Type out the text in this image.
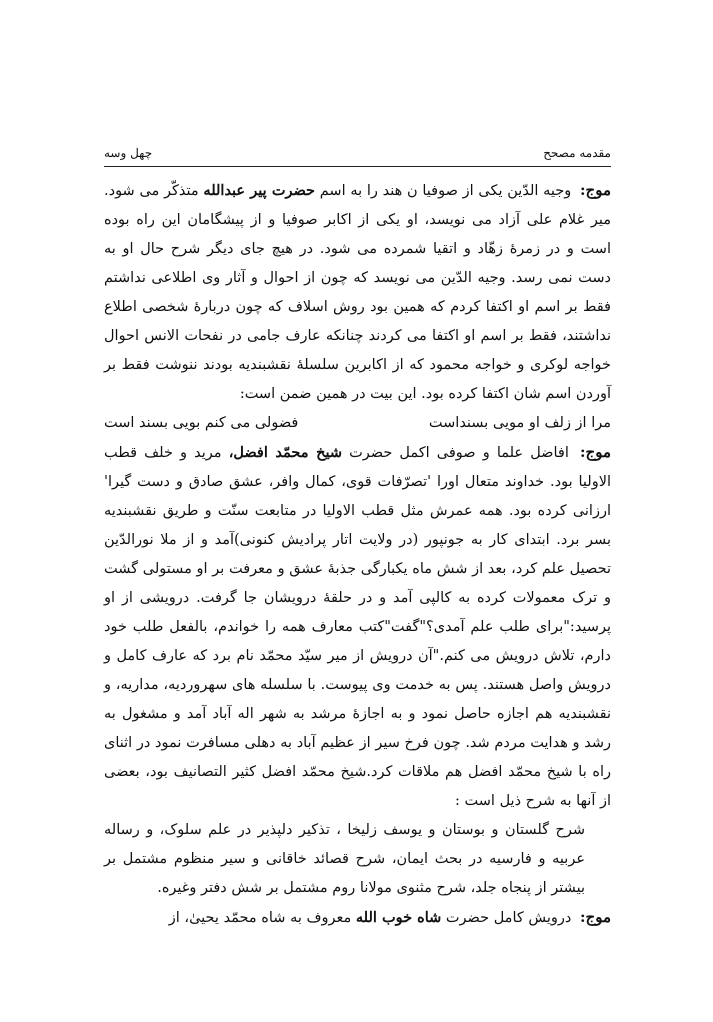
مقدمه مصحح
چهل وسه

موج: وجیه الدّین یکی از صوفیا ن هند را به اسم حضرت پیر عبدالله متذکّر می شود. میر غلام علی آزاد می نویسد، او یکی از اکابر صوفیا و از پیشگامان این راه بوده است و در زمرهٔ زهّاد و اتقیا شمرده می شود. در هیچ جای دیگر شرح حال او به دست نمی رسد. وجیه الدّین می نویسد که چون از احوال و آثار وی اطلاعی نداشتم فقط بر اسم او اکتفا کردم که همین بود روش اسلاف که چون دربارهٔ شخصی اطلاع نداشتند، فقط بر اسم او اکتفا می کردند چنانکه عارف جامی در نفحات الانس احوال خواجه لوکری و خواجه محمود که از اکابرین سلسلهٔ نقشبندیه بودند ننوشت فقط بر آوردن اسم شان اکتفا کرده بود. این بیت در همین ضمن است:

مرا از زلف او مویی بسنداست
فضولی می کنم بویی بسند است

موج: افاضل علما و صوفی اکمل حضرت شیخ محمّد افضل، مرید و خلف قطب الاولیا بود. خداوند متعال اورا 'تصرّفات قوی، کمال وافر، عشق صادق و دست گیرا' ارزانی کرده بود. همه عمرش مثل قطب الاولیا در متابعت سنّت و طریق نقشبندیه بسر برد. ابتدای کار به جونپور (در ولایت اتار پرادیش کنونی)آمد و از ملا نورالدّین تحصیل علم کرد، بعد از شش ماه یکبارگی جذبهٔ عشق و معرفت بر او مستولی گشت و ترک معمولات کرده به کالپی آمد و در حلقهٔ درویشان جا گرفت. درویشی از او پرسید:"برای طلب علم آمدی؟"گفت"کتب معارف همه را خواندم، بالفعل طلب خود دارم، تلاش درویش می کنم."آن درویش از میر سیّد محمّد نام برد که عارف کامل و درویش واصل هستند. پس به خدمت وی پیوست. با سلسله های سهروردیه، مداریه، و نقشبندیه هم اجازه حاصل نمود و به اجازهٔ مرشد به شهر اله آباد آمد و مشغول به رشد و هدایت مردم شد. چون فرخ سیر از عظیم آباد به دهلی مسافرت نمود در اثنای راه با شیخ محمّد افضل هم ملاقات کرد.شیخ محمّد افضل کثیر التصانیف بود، بعضی از آنها به شرح ذیل است :

شرح گلستان و بوستان و یوسف زلیخا ، تذکیر دلپذیر در علم سلوک، و رساله عربیه و فارسیه در بحث ایمان، شرح قصائد خاقانی و سیر منظوم مشتمل بر بیشتر از پنجاه جلد، شرح مثنوی مولانا روم مشتمل بر شش دفتر وغیره.

موج: درویش کامل حضرت شاه خوب الله معروف به شاه محمّد یحییٰ، از
